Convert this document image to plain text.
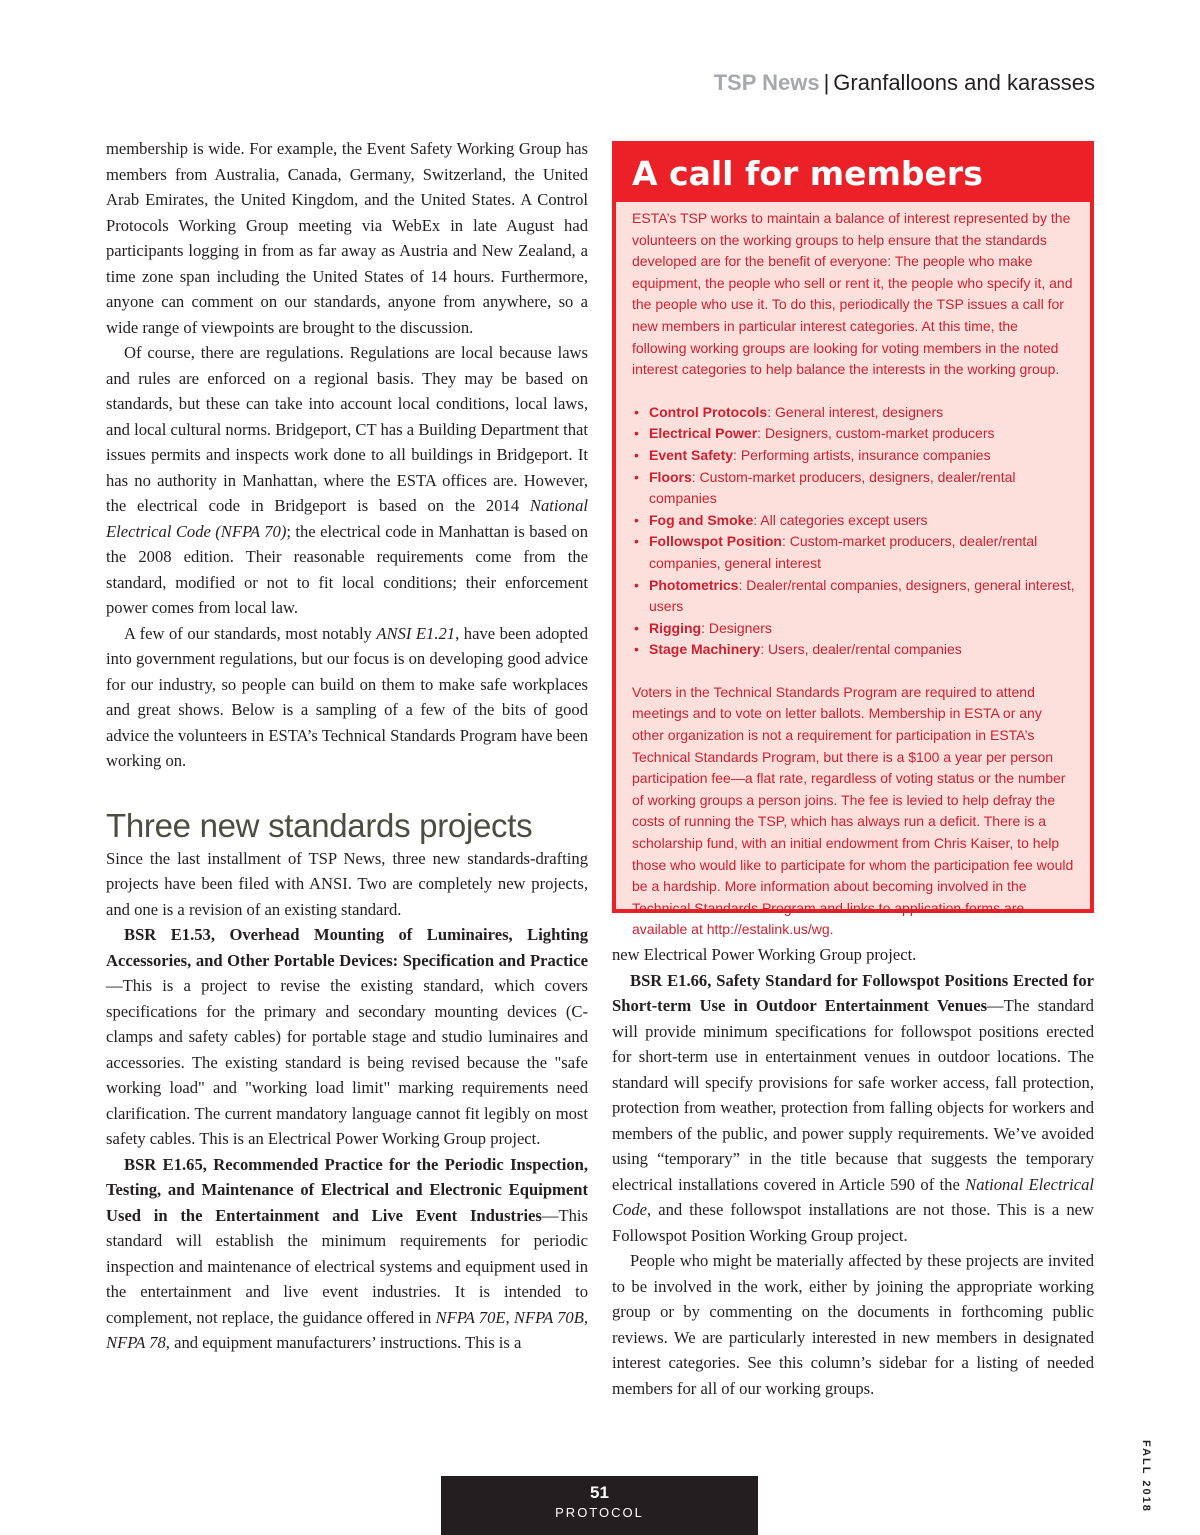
TSP News | Granfalloons and karasses

membership is wide. For example, the Event Safety Working Group has members from Australia, Canada, Germany, Switzerland, the United Arab Emirates, the United Kingdom, and the United States. A Control Protocols Working Group meeting via WebEx in late August had participants logging in from as far away as Austria and New Zealand, a time zone span including the United States of 14 hours. Furthermore, anyone can comment on our standards, anyone from anywhere, so a wide range of viewpoints are brought to the discussion.

Of course, there are regulations. Regulations are local because laws and rules are enforced on a regional basis. They may be based on standards, but these can take into account local conditions, local laws, and local cultural norms. Bridgeport, CT has a Building Department that issues permits and inspects work done to all buildings in Bridgeport. It has no authority in Manhattan, where the ESTA offices are. However, the electrical code in Bridgeport is based on the 2014 National Electrical Code (NFPA 70); the electrical code in Manhattan is based on the 2008 edition. Their reasonable requirements come from the standard, modified or not to fit local conditions; their enforcement power comes from local law.

A few of our standards, most notably ANSI E1.21, have been adopted into government regulations, but our focus is on developing good advice for our industry, so people can build on them to make safe workplaces and great shows. Below is a sampling of a few of the bits of good advice the volunteers in ESTA’s Technical Standards Program have been working on.

Three new standards projects

Since the last installment of TSP News, three new standards-drafting projects have been filed with ANSI. Two are completely new projects, and one is a revision of an existing standard.

BSR E1.53, Overhead Mounting of Luminaires, Lighting Accessories, and Other Portable Devices: Specification and Practice—This is a project to revise the existing standard, which covers specifications for the primary and secondary mounting devices (C-clamps and safety cables) for portable stage and studio luminaires and accessories. The existing standard is being revised because the "safe working load" and "working load limit" marking requirements need clarification. The current mandatory language cannot fit legibly on most safety cables. This is an Electrical Power Working Group project.

BSR E1.65, Recommended Practice for the Periodic Inspection, Testing, and Maintenance of Electrical and Electronic Equipment Used in the Entertainment and Live Event Industries—This standard will establish the minimum requirements for periodic inspection and maintenance of electrical systems and equipment used in the entertainment and live event industries. It is intended to complement, not replace, the guidance offered in NFPA 70E, NFPA 70B, NFPA 78, and equipment manufacturers’ instructions. This is a

A call for members

ESTA’s TSP works to maintain a balance of interest represented by the volunteers on the working groups to help ensure that the standards developed are for the benefit of everyone: The people who make equipment, the people who sell or rent it, the people who specify it, and the people who use it. To do this, periodically the TSP issues a call for new members in particular interest categories. At this time, the following working groups are looking for voting members in the noted interest categories to help balance the interests in the working group.

• Control Protocols: General interest, designers
• Electrical Power: Designers, custom-market producers
• Event Safety: Performing artists, insurance companies
• Floors: Custom-market producers, designers, dealer/rental companies
• Fog and Smoke: All categories except users
• Followspot Position: Custom-market producers, dealer/rental companies, general interest
• Photometrics: Dealer/rental companies, designers, general interest, users
• Rigging: Designers
• Stage Machinery: Users, dealer/rental companies

Voters in the Technical Standards Program are required to attend meetings and to vote on letter ballots. Membership in ESTA or any other organization is not a requirement for participation in ESTA’s Technical Standards Program, but there is a $100 a year per person participation fee—a flat rate, regardless of voting status or the number of working groups a person joins. The fee is levied to help defray the costs of running the TSP, which has always run a deficit. There is a scholarship fund, with an initial endowment from Chris Kaiser, to help those who would like to participate for whom the participation fee would be a hardship. More information about becoming involved in the Technical Standards Program and links to application forms are available at http://estalink.us/wg.

new Electrical Power Working Group project.

BSR E1.66, Safety Standard for Followspot Positions Erected for Short-term Use in Outdoor Entertainment Venues—The standard will provide minimum specifications for followspot positions erected for short-term use in entertainment venues in outdoor locations. The standard will specify provisions for safe worker access, fall protection, protection from weather, protection from falling objects for workers and members of the public, and power supply requirements. We’ve avoided using “temporary” in the title because that suggests the temporary electrical installations covered in Article 590 of the National Electrical Code, and these followspot installations are not those. This is a new Followspot Position Working Group project.

People who might be materially affected by these projects are invited to be involved in the work, either by joining the appropriate working group or by commenting on the documents in forthcoming public reviews. We are particularly interested in new members in designated interest categories. See this column’s sidebar for a listing of needed members for all of our working groups.

FALL 2018
51
PROTOCOL
